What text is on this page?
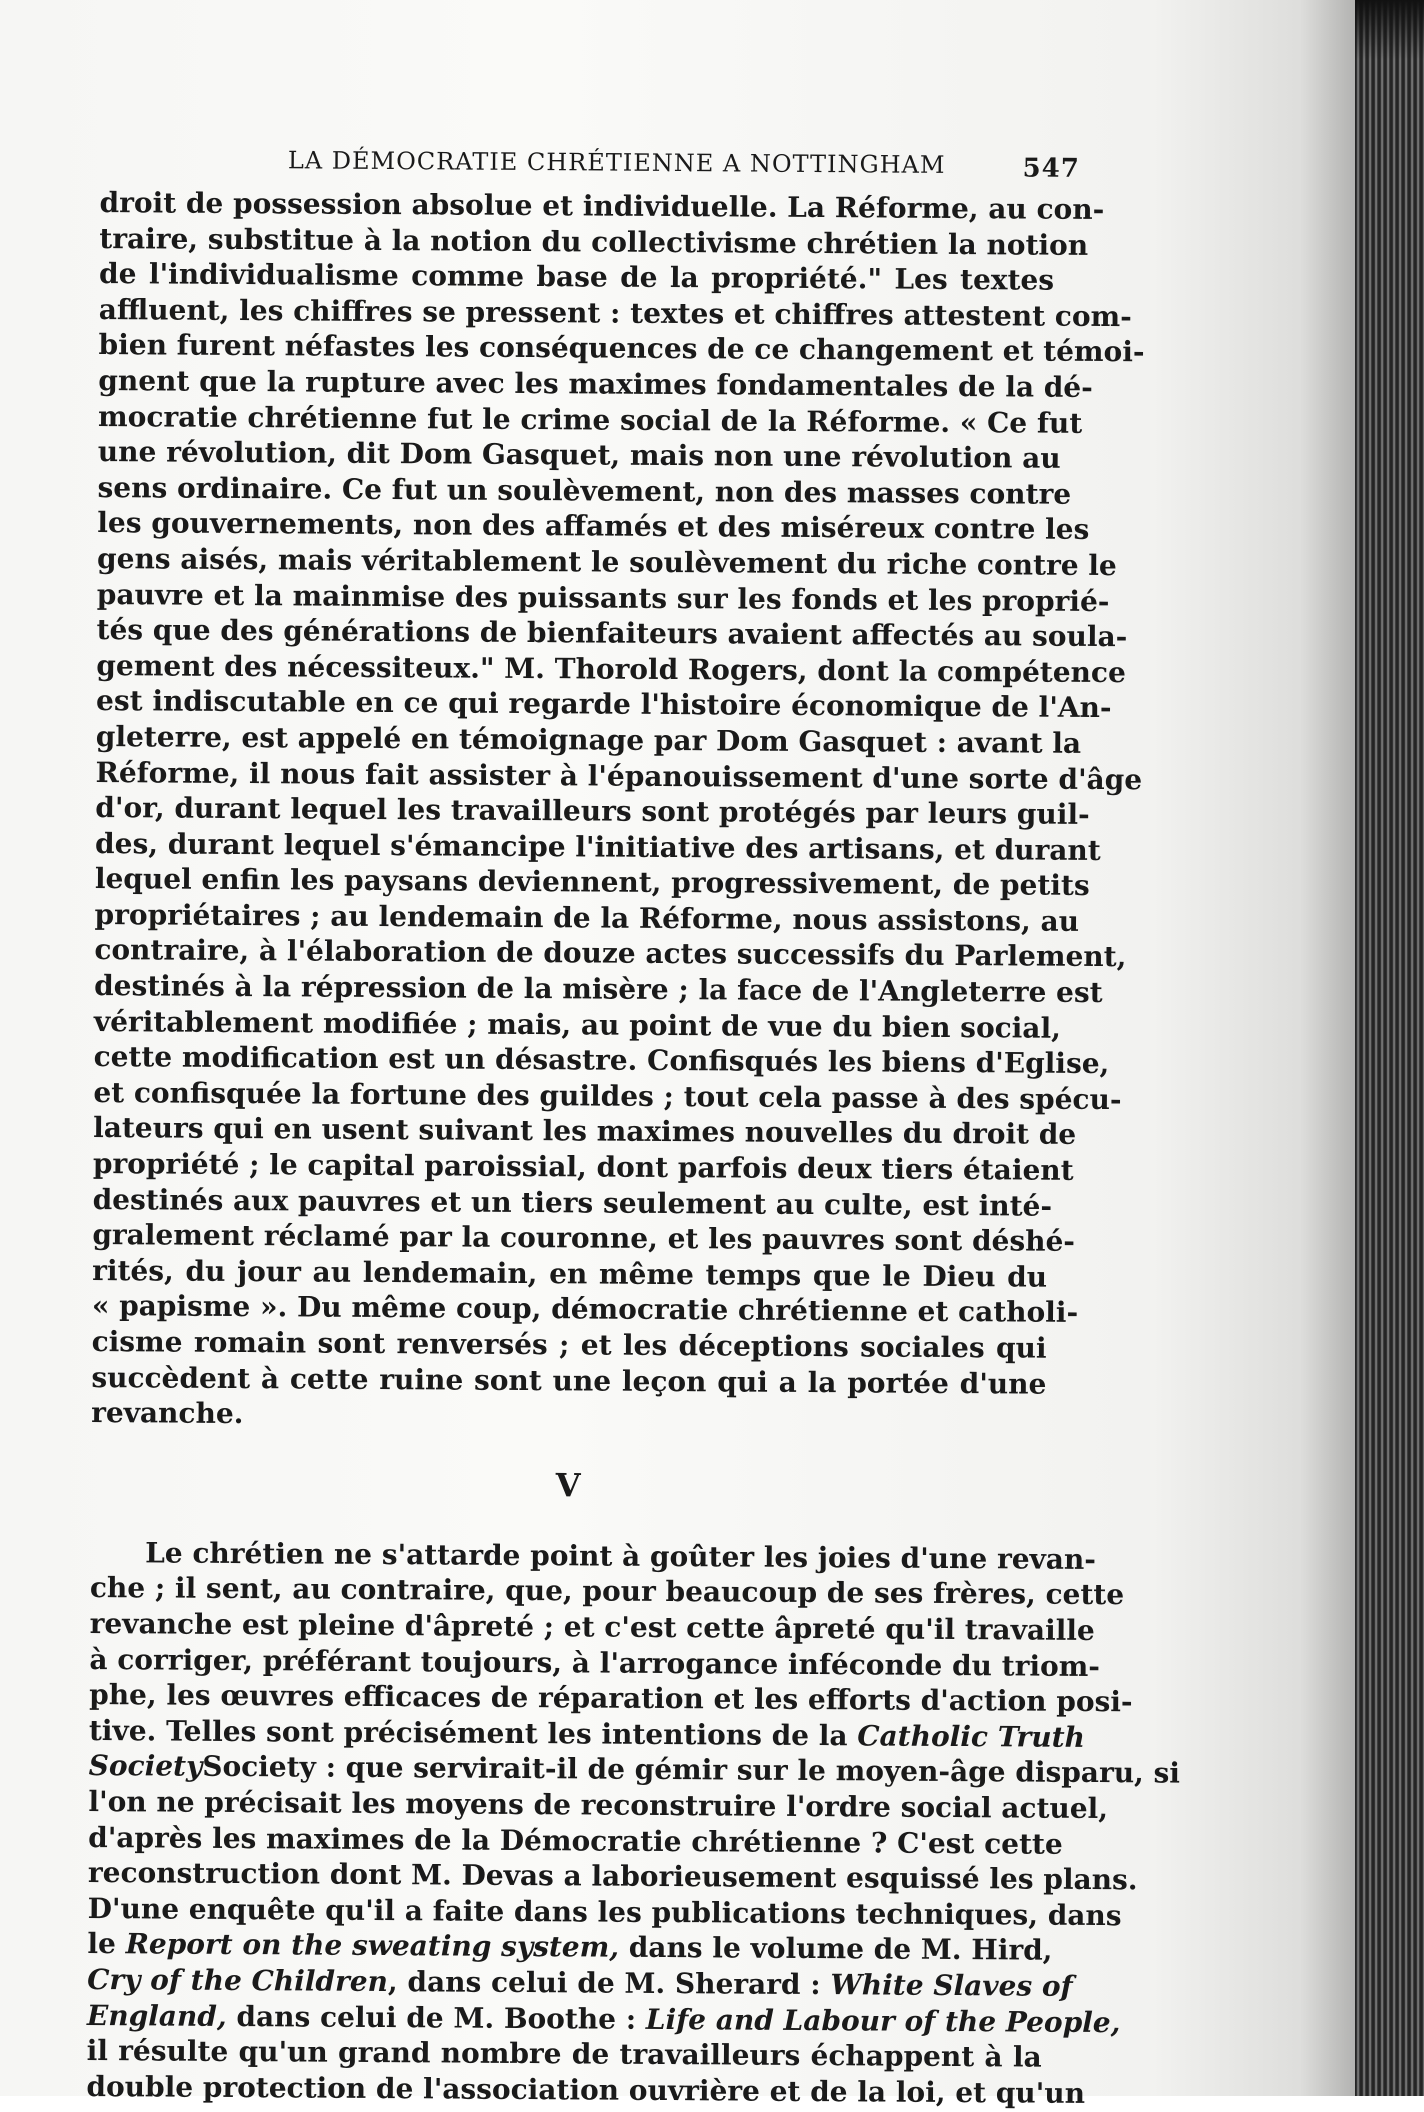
LA DÉMOCRATIE CHRÉTIENNE A NOTTINGHAM	547

droit de possession absolue et individuelle. La Réforme, au con-
traire, substitue à la notion du collectivisme chrétien la notion
de l'individualisme comme base de la propriété." Les textes
affluent, les chiffres se pressent : textes et chiffres attestent com-
bien furent néfastes les conséquences de ce changement et témoi-
gnent que la rupture avec les maximes fondamentales de la dé-
mocratie chrétienne fut le crime social de la Réforme. « Ce fut
une révolution, dit Dom Gasquet, mais non une révolution au
sens ordinaire. Ce fut un soulèvement, non des masses contre
les gouvernements, non des affamés et des miséreux contre les
gens aisés, mais véritablement le soulèvement du riche contre le
pauvre et la mainmise des puissants sur les fonds et les proprié-
tés que des générations de bienfaiteurs avaient affectés au soula-
gement des nécessiteux." M. Thorold Rogers, dont la compétence
est indiscutable en ce qui regarde l'histoire économique de l'An-
gleterre, est appelé en témoignage par Dom Gasquet : avant la
Réforme, il nous fait assister à l'épanouissement d'une sorte d'âge
d'or, durant lequel les travailleurs sont protégés par leurs guil-
des, durant lequel s'émancipe l'initiative des artisans, et durant
lequel enfin les paysans deviennent, progressivement, de petits
propriétaires ; au lendemain de la Réforme, nous assistons, au
contraire, à l'élaboration de douze actes successifs du Parlement,
destinés à la répression de la misère ; la face de l'Angleterre est
véritablement modifiée ; mais, au point de vue du bien social,
cette modification est un désastre. Confisqués les biens d'Eglise,
et confisquée la fortune des guildes ; tout cela passe à des spécu-
lateurs qui en usent suivant les maximes nouvelles du droit de
propriété ; le capital paroissial, dont parfois deux tiers étaient
destinés aux pauvres et un tiers seulement au culte, est inté-
gralement réclamé par la couronne, et les pauvres sont déshé-
rités, du jour au lendemain, en même temps que le Dieu du
« papisme ». Du même coup, démocratie chrétienne et catholi-
cisme romain sont renversés ; et les déceptions sociales qui
succèdent à cette ruine sont une leçon qui a la portée d'une
revanche.

V

Le chrétien ne s'attarde point à goûter les joies d'une revan-
che ; il sent, au contraire, que, pour beaucoup de ses frères, cette
revanche est pleine d'âpreté ; et c'est cette âpreté qu'il travaille
à corriger, préférant toujours, à l'arrogance inféconde du triom-
phe, les œuvres efficaces de réparation et les efforts d'action posi-
tive. Telles sont précisément les intentions de la Catholic Truth
SocietySociety : que servirait-il de gémir sur le moyen-âge disparu, si
l'on ne précisait les moyens de reconstruire l'ordre social actuel,
d'après les maximes de la Démocratie chrétienne ? C'est cette
reconstruction dont M. Devas a laborieusement esquissé les plans.
D'une enquête qu'il a faite dans les publications techniques, dans
le Report on the sweating system, dans le volume de M. Hird,
Cry of the Children, dans celui de M. Sherard : White Slaves of
England, dans celui de M. Boothe : Life and Labour of the People,
il résulte qu'un grand nombre de travailleurs échappent à la
double protection de l'association ouvrière et de la loi, et qu'un
